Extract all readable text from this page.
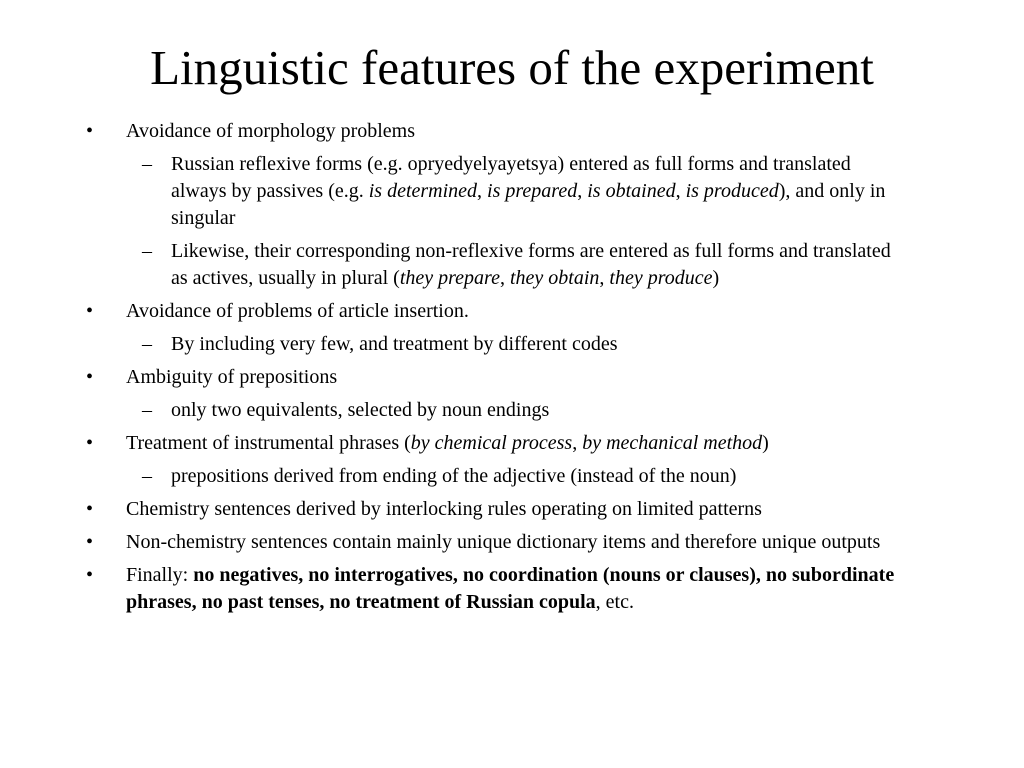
Linguistic features of the experiment
• Avoidance of morphology problems
– Russian reflexive forms (e.g. opryedyelyayetsya) entered as full forms and translated always by passives (e.g. is determined, is prepared, is obtained, is produced), and only in singular
– Likewise, their corresponding non-reflexive forms are entered as full forms and translated as actives, usually in plural (they prepare, they obtain, they produce)
• Avoidance of problems of article insertion.
– By including very few, and treatment by different codes
• Ambiguity of prepositions
– only two equivalents, selected by noun endings
• Treatment of instrumental phrases (by chemical process, by mechanical method)
– prepositions derived from ending of the adjective (instead of the noun)
• Chemistry sentences derived by interlocking rules operating on limited patterns
• Non-chemistry sentences contain mainly unique dictionary items and therefore unique outputs
• Finally: no negatives, no interrogatives, no coordination (nouns or clauses), no subordinate phrases, no past tenses, no treatment of Russian copula, etc.
